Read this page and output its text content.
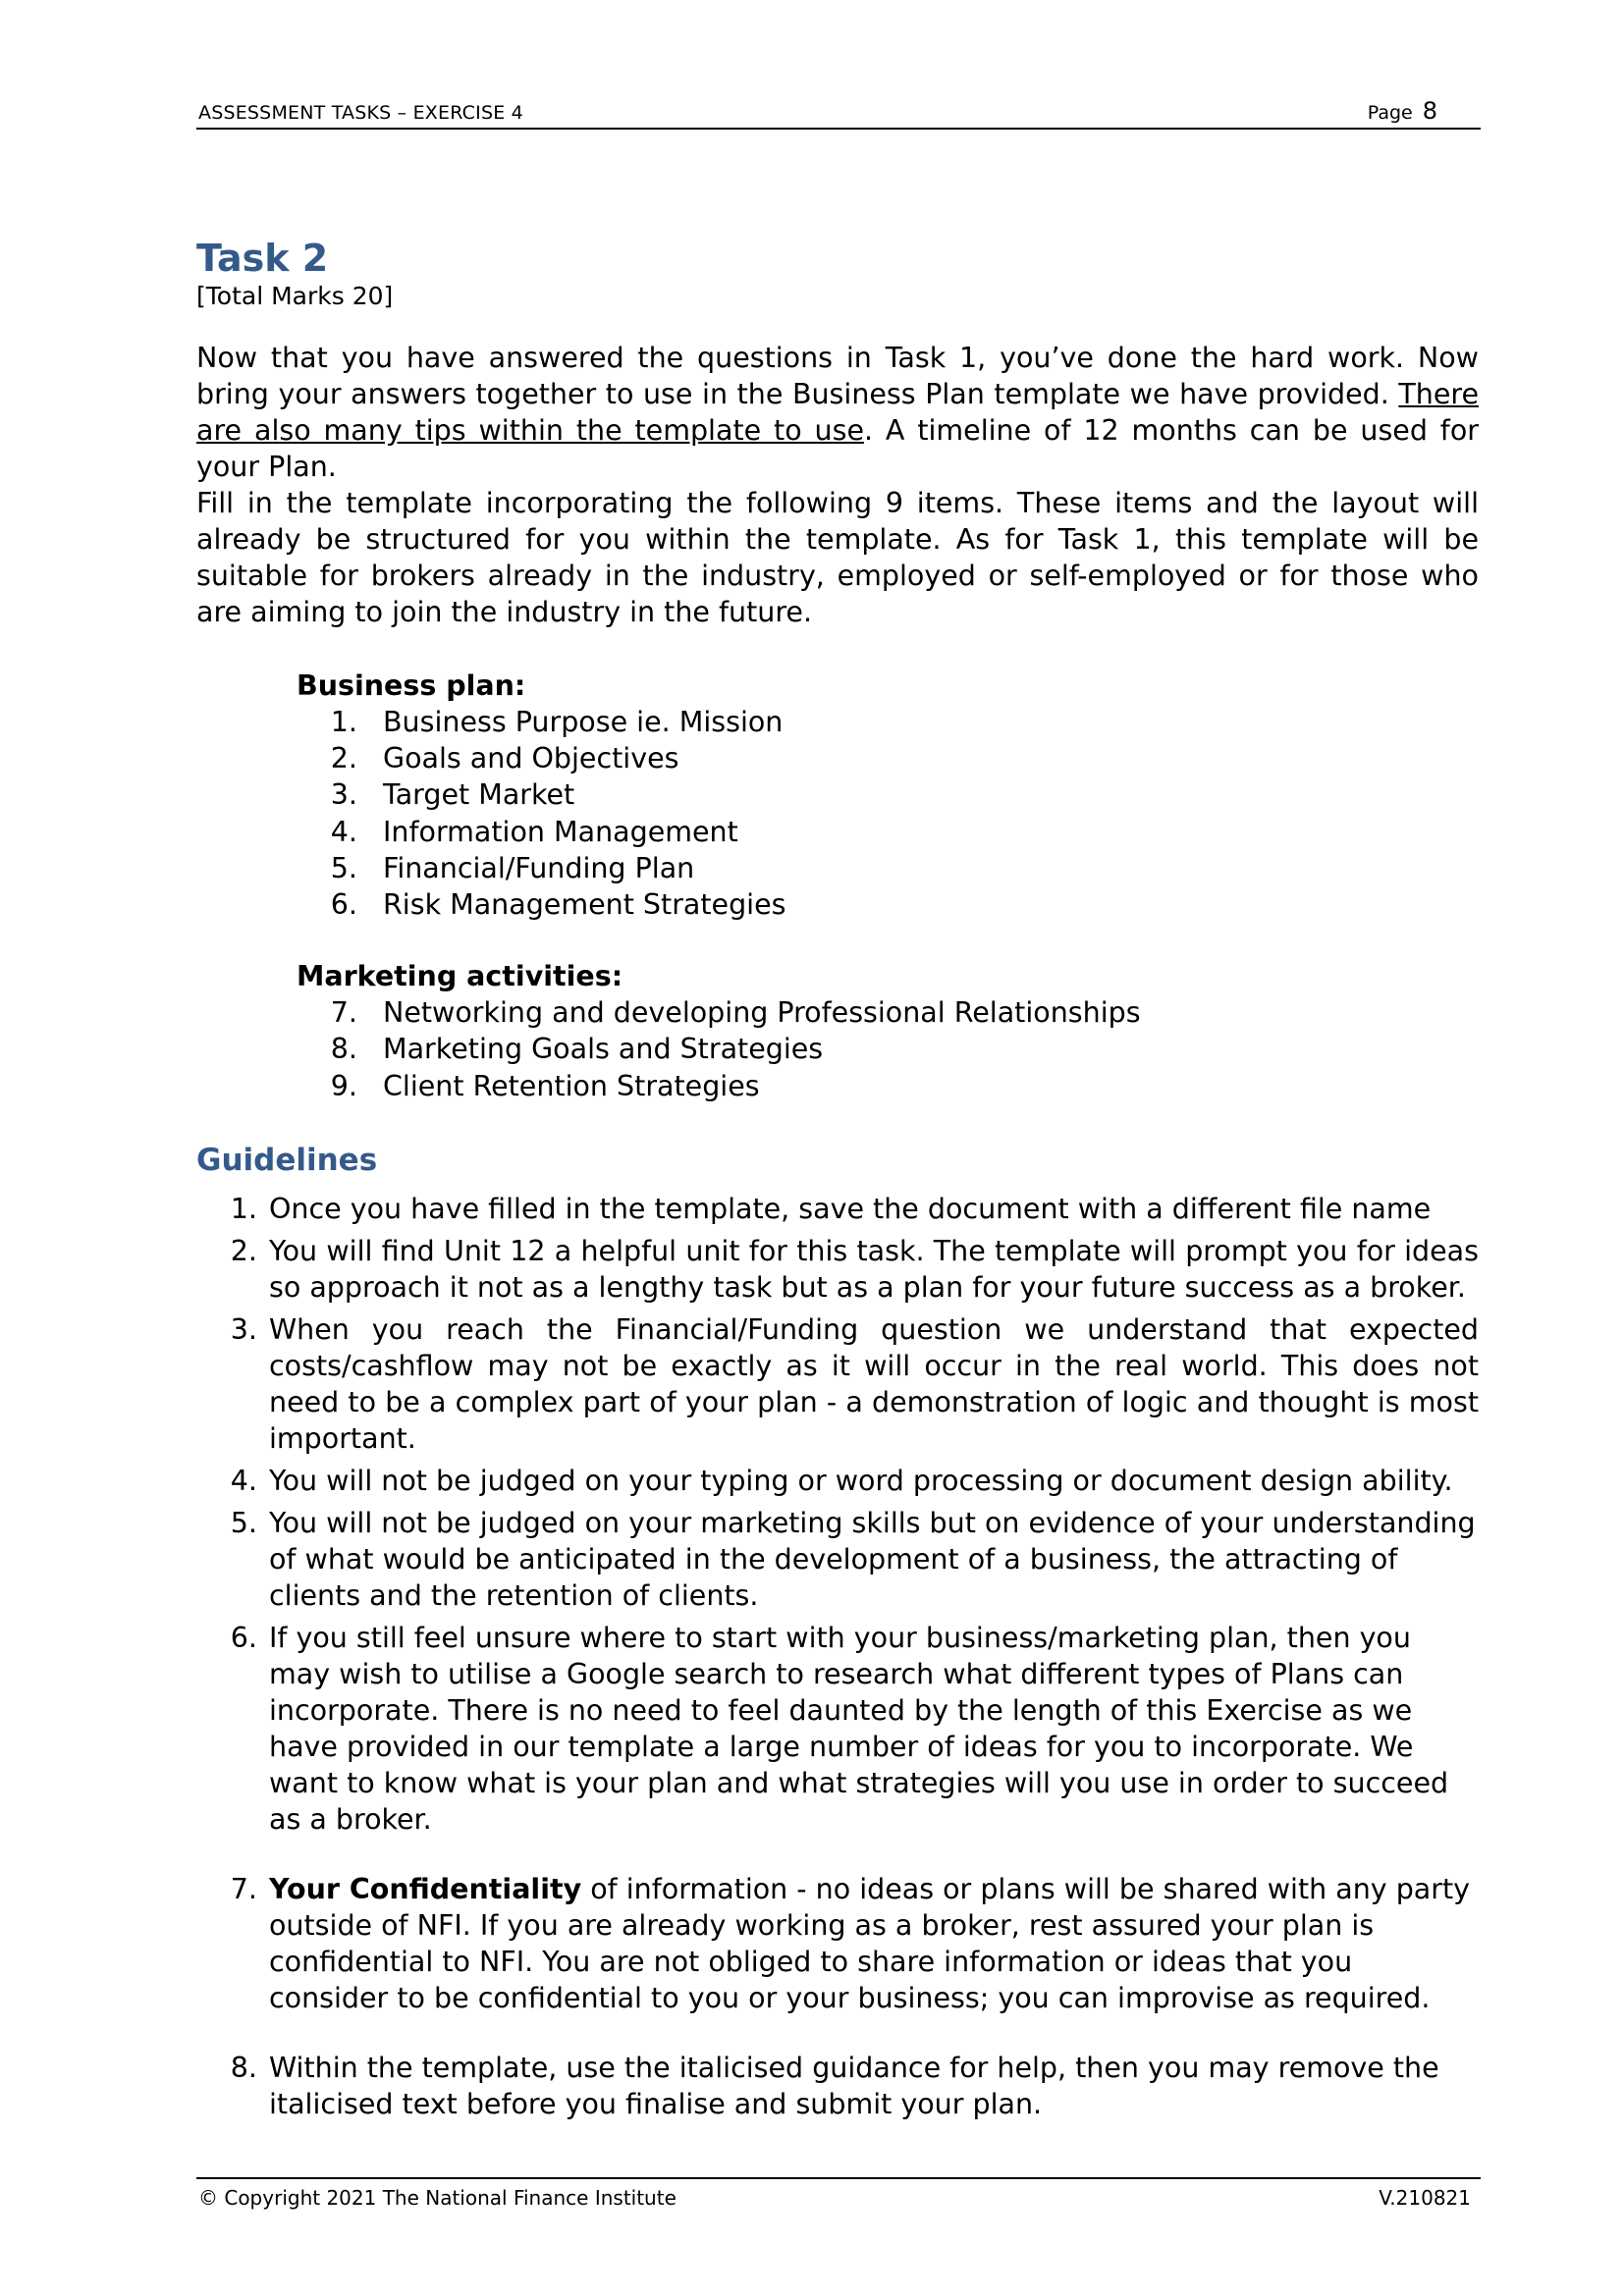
ASSESSMENT TASKS – EXERCISE 4	Page 8
Task 2

[Total Marks 20]

Now that you have answered the questions in Task 1, you’ve done the hard work. Now bring your answers together to use in the Business Plan template we have provided. There are also many tips within the template to use. A timeline of 12 months can be used for your Plan.

Fill in the template incorporating the following 9 items. These items and the layout will already be structured for you within the template. As for Task 1, this template will be suitable for brokers already in the industry, employed or self-employed or for those who are aiming to join the industry in the future.

Business plan:
1. Business Purpose ie. Mission
2. Goals and Objectives
3. Target Market
4. Information Management
5. Financial/Funding Plan
6. Risk Management Strategies
Marketing activities:
7. Networking and developing Professional Relationships
8. Marketing Goals and Strategies
9. Client Retention Strategies
Guidelines
1. Once you have filled in the template, save the document with a different file name
2. You will find Unit 12 a helpful unit for this task. The template will prompt you for ideas so approach it not as a lengthy task but as a plan for your future success as a broker.
3. When you reach the Financial/Funding question we understand that expected costs/cashflow may not be exactly as it will occur in the real world. This does not need to be a complex part of your plan - a demonstration of logic and thought is most important.
4. You will not be judged on your typing or word processing or document design ability.
5. You will not be judged on your marketing skills but on evidence of your understanding of what would be anticipated in the development of a business, the attracting of clients and the retention of clients.
6. If you still feel unsure where to start with your business/marketing plan, then you may wish to utilise a Google search to research what different types of Plans can incorporate. There is no need to feel daunted by the length of this Exercise as we have provided in our template a large number of ideas for you to incorporate. We want to know what is your plan and what strategies will you use in order to succeed as a broker.
7. Your Confidentiality of information - no ideas or plans will be shared with any party outside of NFI. If you are already working as a broker, rest assured your plan is confidential to NFI. You are not obliged to share information or ideas that you consider to be confidential to you or your business; you can improvise as required.
8. Within the template, use the italicised guidance for help, then you may remove the italicised text before you finalise and submit your plan.
© Copyright 2021 The National Finance Institute	V.210821
